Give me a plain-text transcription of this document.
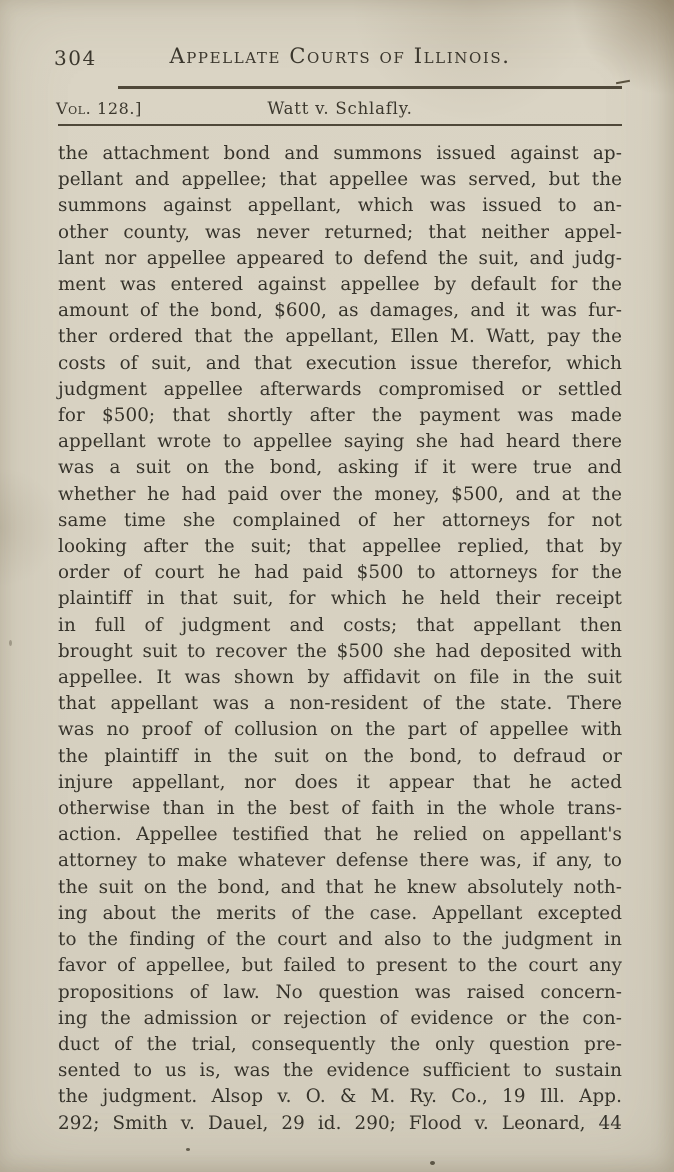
304	Appellate Courts of Illinois.
Vol. 128.]	Watt v. Schlafly.
the attachment bond and summons issued against ap-
pellant and appellee; that appellee was served, but the
summons against appellant, which was issued to an-
other county, was never returned; that neither appel-
lant nor appellee appeared to defend the suit, and judg-
ment was entered against appellee by default for the
amount of the bond, $600, as damages, and it was fur-
ther ordered that the appellant, Ellen M. Watt, pay the
costs of suit, and that execution issue therefor, which
judgment appellee afterwards compromised or settled
for $500; that shortly after the payment was made
appellant wrote to appellee saying she had heard there
was a suit on the bond, asking if it were true and
whether he had paid over the money, $500, and at the
same time she complained of her attorneys for not
looking after the suit; that appellee replied, that by
order of court he had paid $500 to attorneys for the
plaintiff in that suit, for which he held their receipt
in full of judgment and costs; that appellant then
brought suit to recover the $500 she had deposited with
appellee. It was shown by affidavit on file in the suit
that appellant was a non-resident of the state. There
was no proof of collusion on the part of appellee with
the plaintiff in the suit on the bond, to defraud or
injure appellant, nor does it appear that he acted
otherwise than in the best of faith in the whole trans-
action. Appellee testified that he relied on appellant's
attorney to make whatever defense there was, if any, to
the suit on the bond, and that he knew absolutely noth-
ing about the merits of the case. Appellant excepted
to the finding of the court and also to the judgment in
favor of appellee, but failed to present to the court any
propositions of law. No question was raised concern-
ing the admission or rejection of evidence or the con-
duct of the trial, consequently the only question pre-
sented to us is, was the evidence sufficient to sustain
the judgment. Alsop v. O. & M. Ry. Co., 19 Ill. App.
292; Smith v. Dauel, 29 id. 290; Flood v. Leonard, 44
